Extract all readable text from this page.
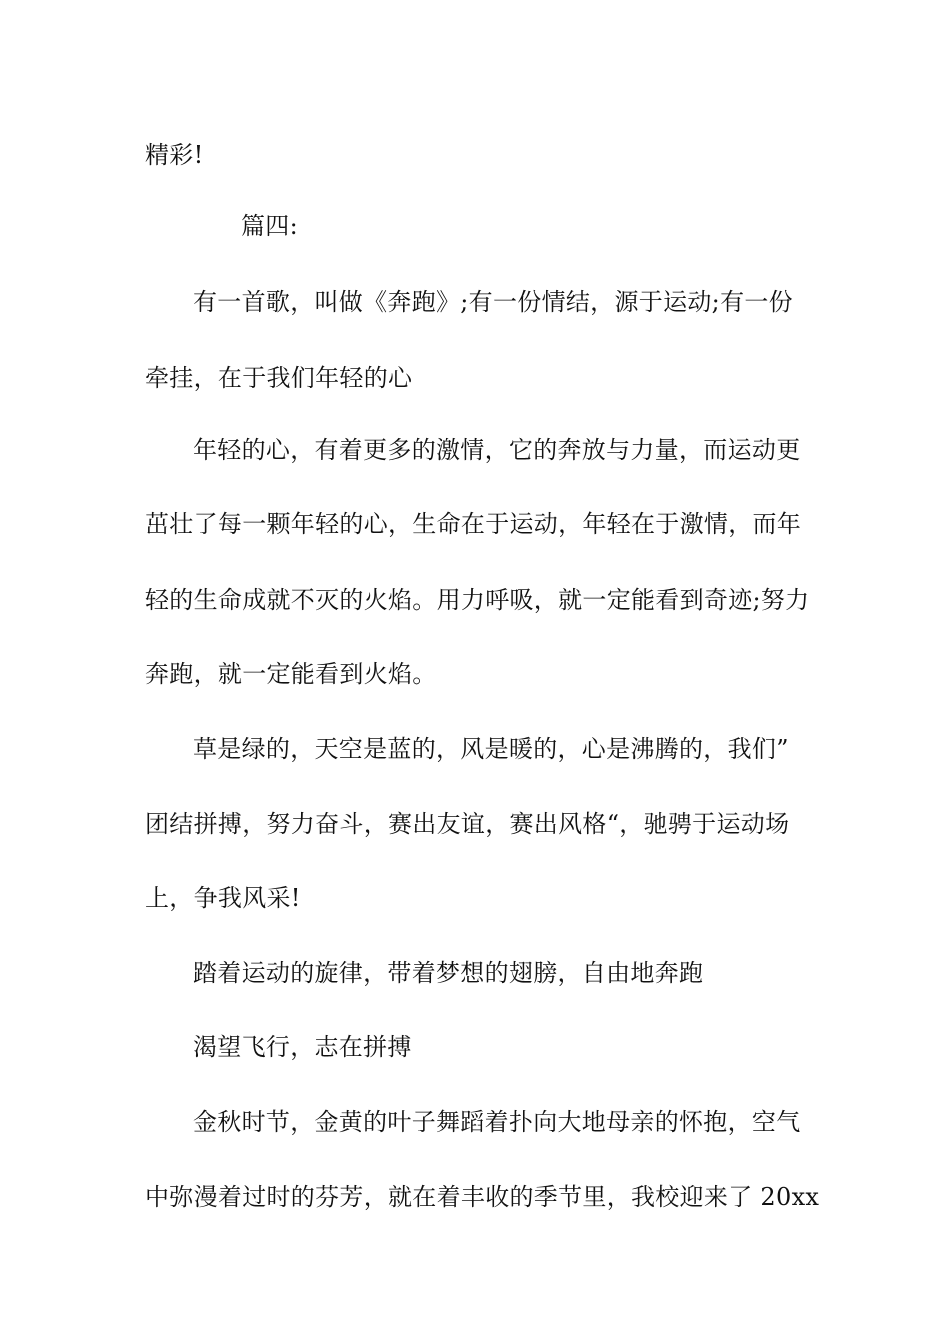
精彩!
篇四:
有一首歌，叫做《奔跑》;有一份情结，源于运动;有一份
牵挂，在于我们年轻的心
年轻的心，有着更多的激情，它的奔放与力量，而运动更
茁壮了每一颗年轻的心，生命在于运动，年轻在于激情，而年
轻的生命成就不灭的火焰。用力呼吸，就一定能看到奇迹;努力
奔跑，就一定能看到火焰。
草是绿的，天空是蓝的，风是暖的，心是沸腾的，我们”
团结拼搏，努力奋斗，赛出友谊，赛出风格“，驰骋于运动场
上，争我风采!
踏着运动的旋律，带着梦想的翅膀，自由地奔跑
渴望飞行，志在拼搏
金秋时节，金黄的叶子舞蹈着扑向大地母亲的怀抱，空气
中弥漫着过时的芬芳，就在着丰收的季节里，我校迎来了 20xx
